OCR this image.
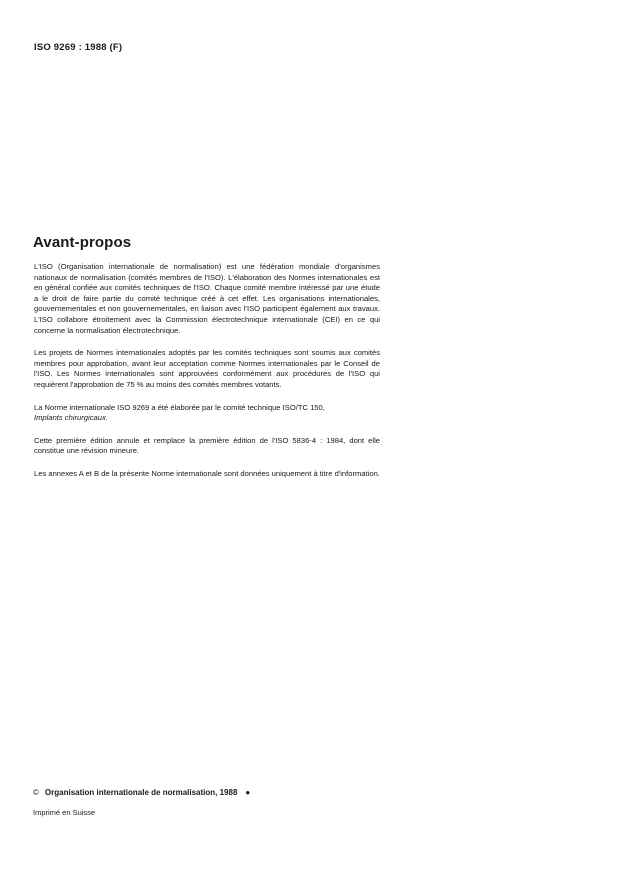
ISO 9269 : 1988 (F)
Avant-propos

L'ISO (Organisation internationale de normalisation) est une fédération mondiale d'organismes nationaux de normalisation (comités membres de l'ISO). L'élaboration des Normes internationales est en général confiée aux comités techniques de l'ISO. Chaque comité membre intéressé par une étude a le droit de faire partie du comité technique créé à cet effet. Les organisations internationales, gouvernementales et non gouvernementales, en liaison avec l'ISO participent également aux travaux. L'ISO collabore étroitement avec la Commission électrotechnique internationale (CEI) en ce qui concerne la normalisation électrotechnique.

Les projets de Normes internationales adoptés par les comités techniques sont soumis aux comités membres pour approbation, avant leur acceptation comme Normes internationales par le Conseil de l'ISO. Les Normes internationales sont approuvées conformément aux procédures de l'ISO qui requièrent l'approbation de 75 % au moins des comités membres votants.

La Norme internationale ISO 9269 a été élaborée par le comité technique ISO/TC 150,
Implants chirurgicaux.

Cette première édition annule et remplace la première édition de l'ISO 5836-4 : 1984, dont elle constitue une révision mineure.

Les annexes A et B de la présente Norme internationale sont données uniquement à titre d'information.

© Organisation internationale de normalisation, 1988 ●
Imprimé en Suisse
